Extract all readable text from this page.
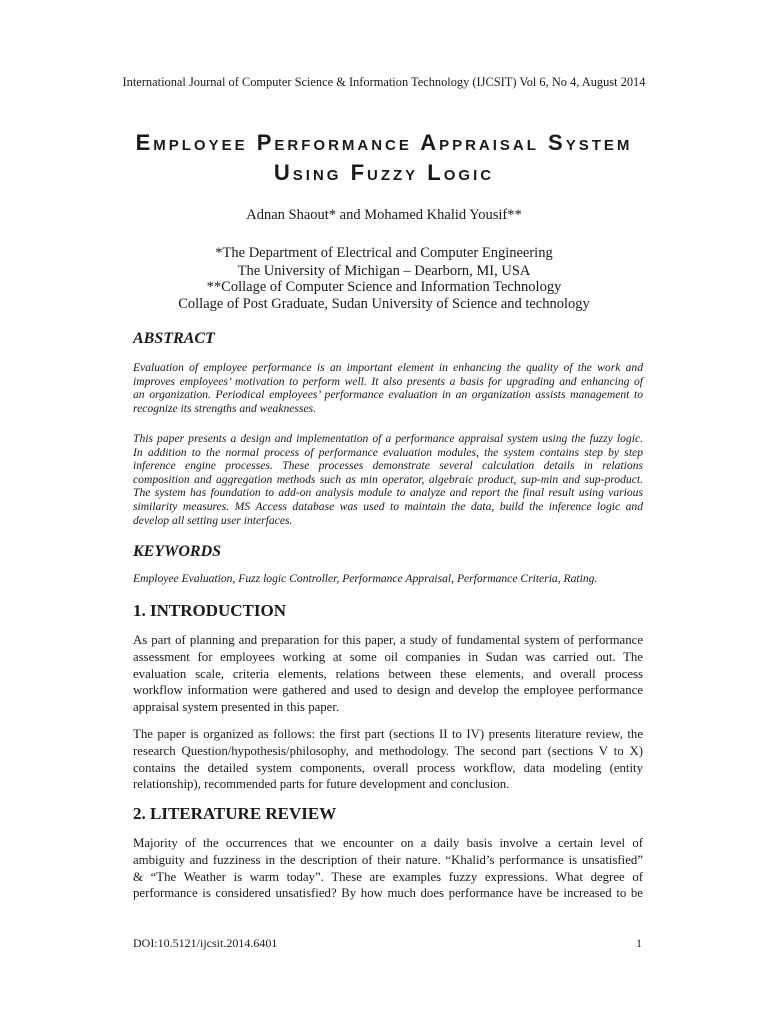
International Journal of Computer Science & Information Technology (IJCSIT) Vol 6, No 4, August 2014
Employee Performance Appraisal System
Using Fuzzy Logic
Adnan Shaout* and Mohamed Khalid Yousif**
*The Department of Electrical and Computer Engineering
The University of Michigan – Dearborn, MI, USA
**Collage of Computer Science and Information Technology
Collage of Post Graduate, Sudan University of Science and technology
ABSTRACT
Evaluation of employee performance is an important element in enhancing the quality of the work and
improves employees’ motivation to perform well. It also presents a basis for upgrading and enhancing of
an organization. Periodical employees’ performance evaluation in an organization assists management to
recognize its strengths and weaknesses.
This paper presents a design and implementation of a performance appraisal system using the fuzzy logic.
In addition to the normal process of performance evaluation modules, the system contains step by step
inference engine processes. These processes demonstrate several calculation details in relations
composition and aggregation methods such as min operator, algebraic product, sup-min and sup-product.
The system has foundation to add-on analysis module to analyze and report the final result using various
similarity measures. MS Access database was used to maintain the data, build the inference logic and
develop all setting user interfaces.
KEYWORDS
Employee Evaluation, Fuzz logic Controller, Performance Appraisal, Performance Criteria, Rating.
1. INTRODUCTION
As part of planning and preparation for this paper, a study of fundamental system of performance
assessment for employees working at some oil companies in Sudan was carried out. The
evaluation scale, criteria elements, relations between these elements, and overall process
workflow information were gathered and used to design and develop the employee performance
appraisal system presented in this paper.
The paper is organized as follows: the first part (sections II to IV) presents literature review, the
research Question/hypothesis/philosophy, and methodology. The second part (sections V to X)
contains the detailed system components, overall process workflow, data modeling (entity
relationship), recommended parts for future development and conclusion.
2. LITERATURE REVIEW
Majority of the occurrences that we encounter on a daily basis involve a certain level of
ambiguity and fuzziness in the description of their nature. “Khalid’s performance is unsatisfied”
& “The Weather is warm today”. These are examples fuzzy expressions. What degree of
performance is considered unsatisfied? By how much does performance have be increased to be
DOI:10.5121/ijcsit.2014.6401	1
